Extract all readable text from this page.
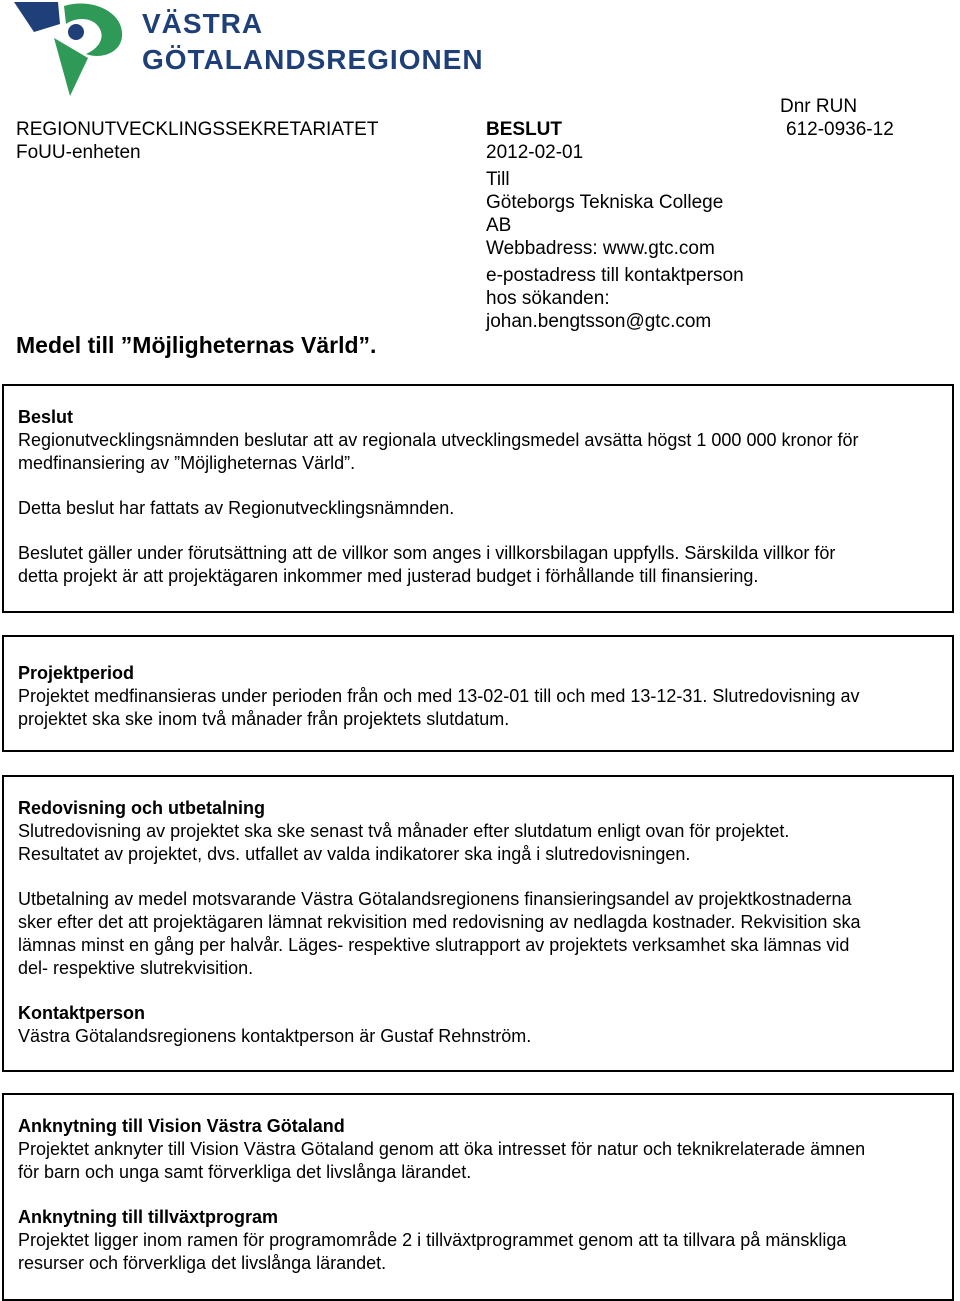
VÄSTRA
GÖTALANDSREGIONEN
REGIONUTVECKLINGSSEKRETARIATET
FoUU-enheten
Medel till ”Möjligheternas Värld”.
BESLUT
2012-02-01
Till
Göteborgs Tekniska College
AB
Webbadress: www.gtc.com
e-postadress till kontaktperson
hos sökanden:
johan.bengtsson@gtc.com
Dnr RUN
612-0936-12

Beslut

Regionutvecklingsnämnden beslutar att av regionala utvecklingsmedel avsätta högst 1 000 000 kronor för

medfinansiering av ”Möjligheternas Värld”.

Detta beslut har fattats av Regionutvecklingsnämnden.

Beslutet gäller under förutsättning att de villkor som anges i villkorsbilagan uppfylls. Särskilda villkor för

detta projekt är att projektägaren inkommer med justerad budget i förhållande till finansiering.

Projektperiod

Projektet medfinansieras under perioden från och med 13-02-01 till och med 13-12-31. Slutredovisning av

projektet ska ske inom två månader från projektets slutdatum.

Redovisning och utbetalning

Slutredovisning av projektet ska ske senast två månader efter slutdatum enligt ovan för projektet.

Resultatet av projektet, dvs. utfallet av valda indikatorer ska ingå i slutredovisningen.

Utbetalning av medel motsvarande Västra Götalandsregionens finansieringsandel av projektkostnaderna

sker efter det att projektägaren lämnat rekvisition med redovisning av nedlagda kostnader. Rekvisition ska

lämnas minst en gång per halvår. Läges- respektive slutrapport av projektets verksamhet ska lämnas vid

del- respektive slutrekvisition.

Kontaktperson

Västra Götalandsregionens kontaktperson är Gustaf Rehnström.

Anknytning till Vision Västra Götaland

Projektet anknyter till Vision Västra Götaland genom att öka intresset för natur och teknikrelaterade ämnen

för barn och unga samt förverkliga det livslånga lärandet.

Anknytning till tillväxtprogram

Projektet ligger inom ramen för programområde 2 i tillväxtprogrammet genom att ta tillvara på mänskliga

resurser och förverkliga det livslånga lärandet.
